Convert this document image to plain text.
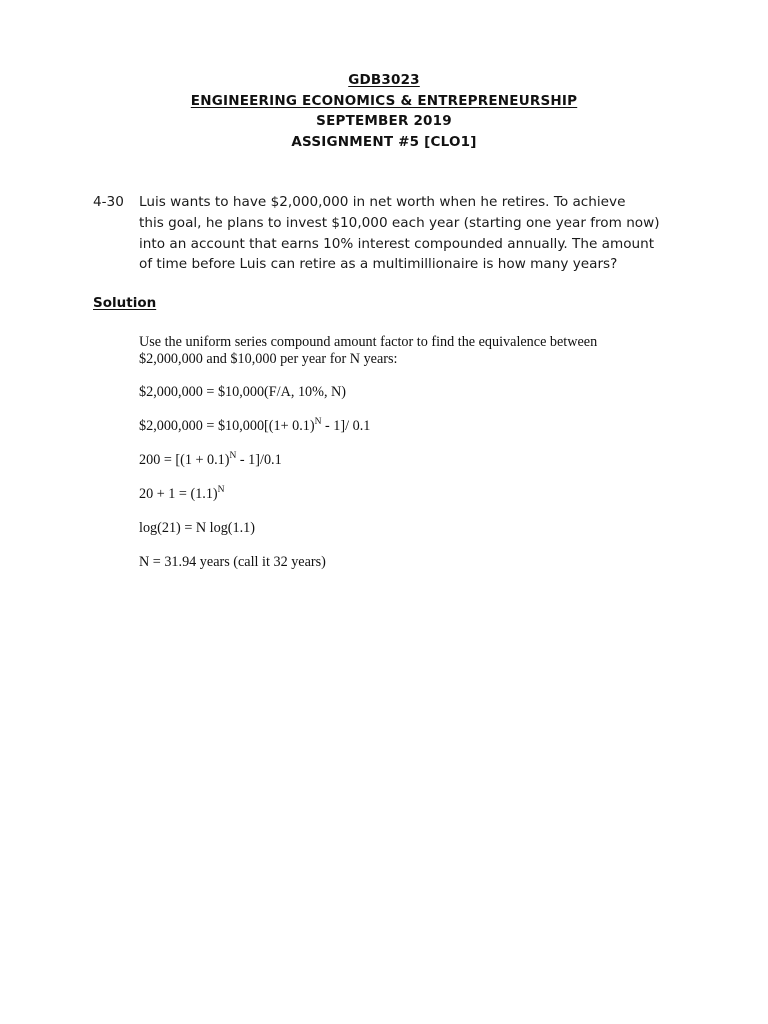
GDB3023
ENGINEERING ECONOMICS & ENTREPRENEURSHIP
SEPTEMBER 2019
ASSIGNMENT #5 [CLO1]
4-30 Luis wants to have $2,000,000 in net worth when he retires. To achieve
this goal, he plans to invest $10,000 each year (starting one year from now)
into an account that earns 10% interest compounded annually. The amount
of time before Luis can retire as a multimillionaire is how many years?
Solution

Use the uniform series compound amount factor to find the equivalence between
$2,000,000 and $10,000 per year for N years:

$2,000,000 = $10,000(F/A, 10%, N)

$2,000,000 = $10,000[(1+ 0.1)$^N$ - 1]/ 0.1

$200 = [(1 + 0.1)^N - 1]/0.1$

$20 + 1 = (1.1)^N$

log(21) = N log(1.1)

N = 31.94 years (call it 32 years)
